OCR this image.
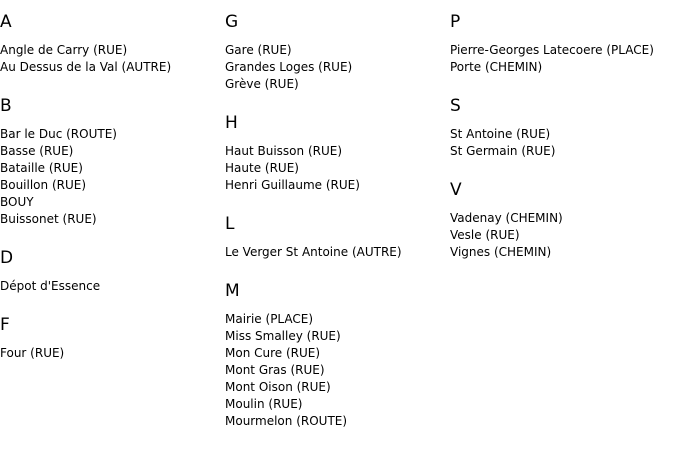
A
Angle de Carry (RUE)
Au Dessus de la Val (AUTRE)
B
Bar le Duc (ROUTE)
Basse (RUE)
Bataille (RUE)
Bouillon (RUE)
BOUY
Buissonet (RUE)
D
Dépot d'Essence
F
Four (RUE)
G
Gare (RUE)
Grandes Loges (RUE)
Grève (RUE)
H
Haut Buisson (RUE)
Haute (RUE)
Henri Guillaume (RUE)
L
Le Verger St Antoine (AUTRE)
M
Mairie (PLACE)
Miss Smalley (RUE)
Mon Cure (RUE)
Mont Gras (RUE)
Mont Oison (RUE)
Moulin (RUE)
Mourmelon (ROUTE)
P
Pierre-Georges Latecoere (PLACE)
Porte (CHEMIN)
S
St Antoine (RUE)
St Germain (RUE)
V
Vadenay (CHEMIN)
Vesle (RUE)
Vignes (CHEMIN)
